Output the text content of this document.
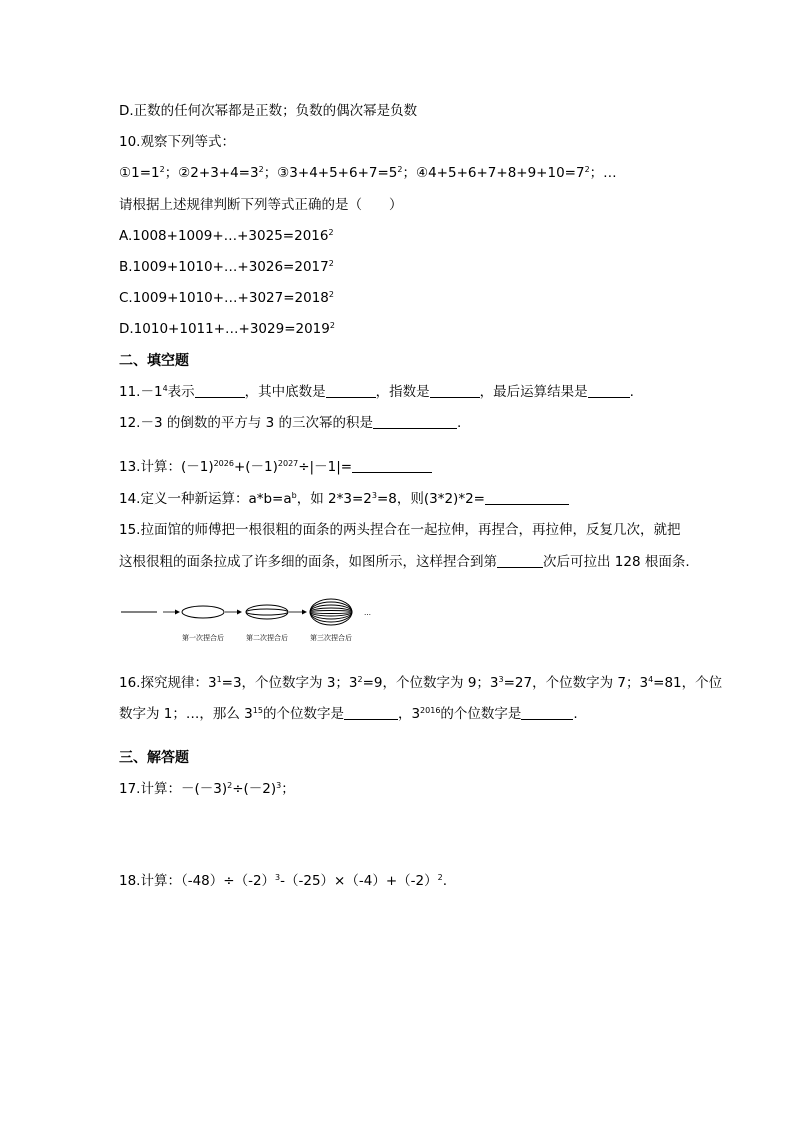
D.正数的任何次幂都是正数；负数的偶次幂是负数
10.观察下列等式：
$①1=1^2$；$②2+3+4=3^2$；$③3+4+5+6+7=5^2$；$④4+5+6+7+8+9+10=7^2$；…
请根据上述规律判断下列等式正确的是（　　）
$A.1008+1009+\dots+3025=2016^2$
$B.1009+1010+\dots+3026=2017^2$
$C.1009+1010+\dots+3027=2018^2$
$D.1010+1011+\dots+3029=2019^2$
二、填空题
$11.-1^4$表示	，其中底数是	，指数是	，最后运算结果是	.
12.－3 的倒数的平方与 3 的三次幂的积是	.
13.计算：$(-1)^{2026}+(-1)^{2027}\div|-1|=$
14.定义一种新运算：$a*b=a^b$，如 $2*3=2^3=8$，则(3*2)*2=
15.拉面馆的师傅把一根很粗的面条的两头捏合在一起拉伸，再捏合，再拉伸，反复几次，就把
这根很粗的面条拉成了许多细的面条，如图所示，这样捏合到第	次后可拉出 128 根面条.
…
第一次捏合后	第二次捏合后	第三次捏合后
16.探究规律：$3^1=3$，个位数字为 3；$3^2=9$，个位数字为 9；$3^3=27$，个位数字为 7；$3^4=81$，个位
数字为 1；…，那么 $3^{15}$的个位数字是	，$3^{2016}$的个位数字是	.
三、解答题
17.计算：$-(-3)^2\div(-2)^3$；
18.计算：$(-48)\div(-2)^3-(-25)\times(-4)+(-2)^2$.
